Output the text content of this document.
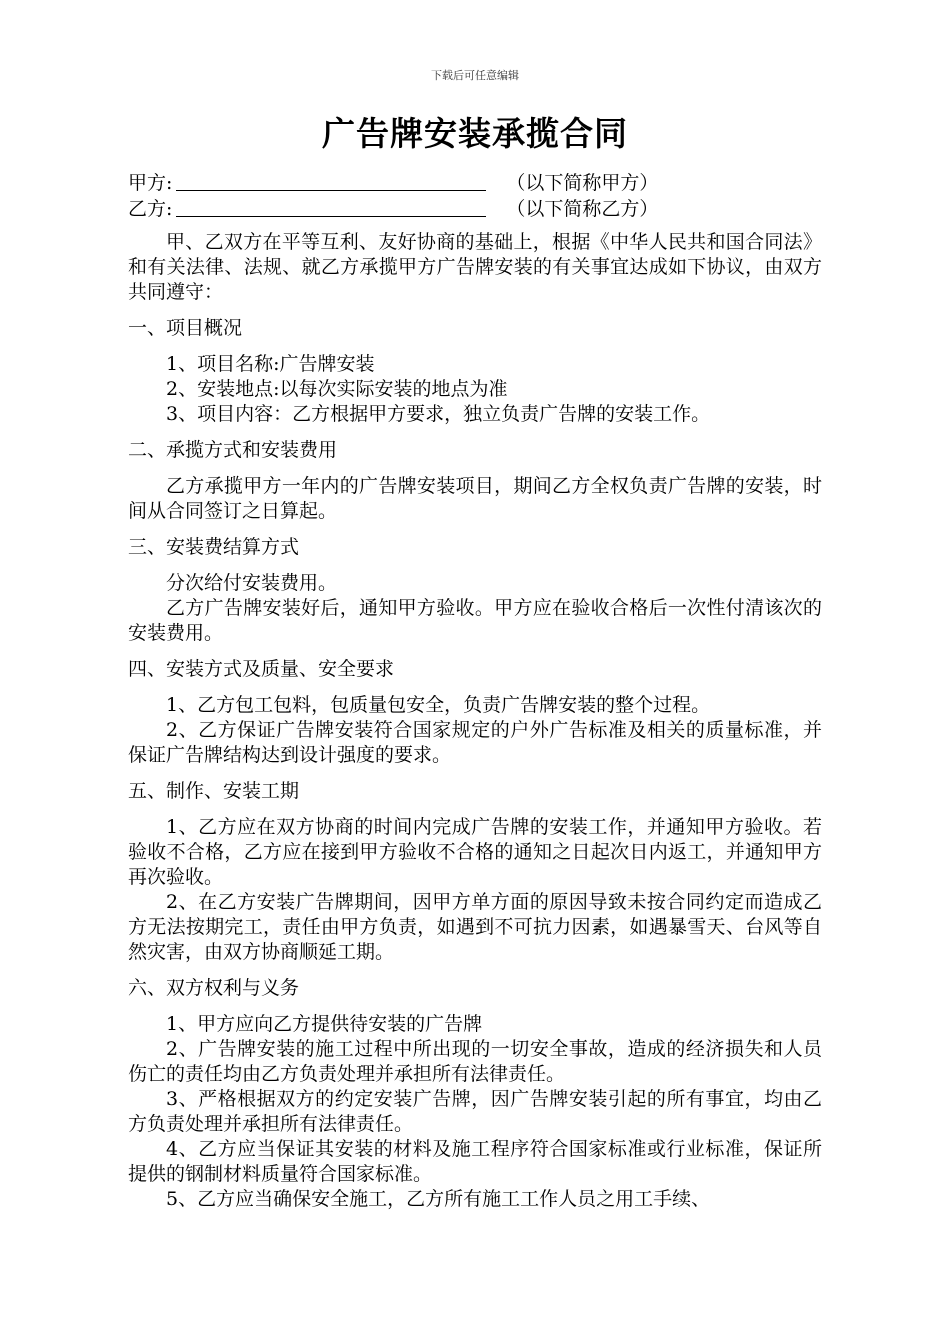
下载后可任意编辑
广告牌安装承揽合同
甲方:	（以下简称甲方）
乙方:	（以下简称乙方）

甲、乙双方在平等互利、友好协商的基础上，根据《中华人民共和国合同法》和有关法律、法规、就乙方承揽甲方广告牌安装的有关事宜达成如下协议，由双方共同遵守：

一、项目概况

1、项目名称:广告牌安装

2、安装地点:以每次实际安装的地点为准

3、项目内容：乙方根据甲方要求，独立负责广告牌的安装工作。

二、承揽方式和安装费用

乙方承揽甲方一年内的广告牌安装项目，期间乙方全权负责广告牌的安装，时间从合同签订之日算起。

三、安装费结算方式

分次给付安装费用。

乙方广告牌安装好后，通知甲方验收。甲方应在验收合格后一次性付清该次的安装费用。

四、安装方式及质量、安全要求

1、乙方包工包料，包质量包安全，负责广告牌安装的整个过程。

2、乙方保证广告牌安装符合国家规定的户外广告标准及相关的质量标准，并保证广告牌结构达到设计强度的要求。

五、制作、安装工期

1、乙方应在双方协商的时间内完成广告牌的安装工作，并通知甲方验收。若验收不合格，乙方应在接到甲方验收不合格的通知之日起次日内返工，并通知甲方再次验收。

2、在乙方安装广告牌期间，因甲方单方面的原因导致未按合同约定而造成乙方无法按期完工，责任由甲方负责，如遇到不可抗力因素，如遇暴雪天、台风等自然灾害，由双方协商顺延工期。

六、双方权利与义务

1、甲方应向乙方提供待安装的广告牌

2、广告牌安装的施工过程中所出现的一切安全事故，造成的经济损失和人员伤亡的责任均由乙方负责处理并承担所有法律责任。

3、严格根据双方的约定安装广告牌，因广告牌安装引起的所有事宜，均由乙方负责处理并承担所有法律责任。

4、乙方应当保证其安装的材料及施工程序符合国家标准或行业标准，保证所提供的钢制材料质量符合国家标准。

5、乙方应当确保安全施工，乙方所有施工工作人员之用工手续、
